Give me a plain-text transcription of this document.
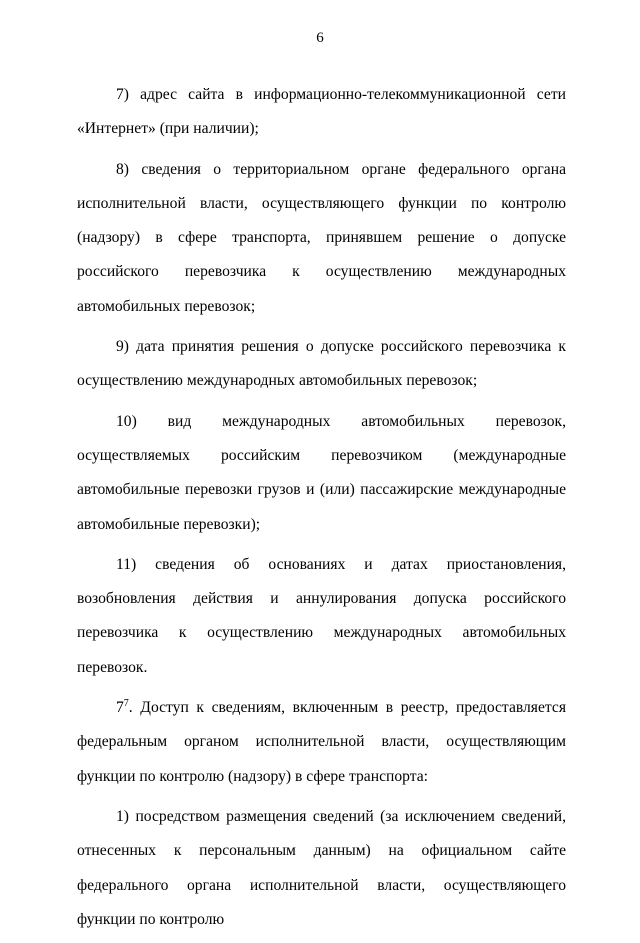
6

7) адрес сайта в информационно-телекоммуникационной сети «Интернет» (при наличии);

8) сведения о территориальном органе федерального органа исполнительной власти, осуществляющего функции по контролю (надзору) в сфере транспорта, принявшем решение о допуске российского перевозчика к осуществлению международных автомобильных перевозок;

9) дата принятия решения о допуске российского перевозчика к осуществлению международных автомобильных перевозок;

10) вид международных автомобильных перевозок, осуществляемых российским перевозчиком (международные автомобильные перевозки грузов и (или) пассажирские международные автомобильные перевозки);

11) сведения об основаниях и датах приостановления, возобновления действия и аннулирования допуска российского перевозчика к осуществлению международных автомобильных перевозок.

$7^7$. Доступ к сведениям, включенным в реестр, предоставляется федеральным органом исполнительной власти, осуществляющим функции по контролю (надзору) в сфере транспорта:

1) посредством размещения сведений (за исключением сведений, отнесенных к персональным данным) на официальном сайте федерального органа исполнительной власти, осуществляющего функции по контролю
